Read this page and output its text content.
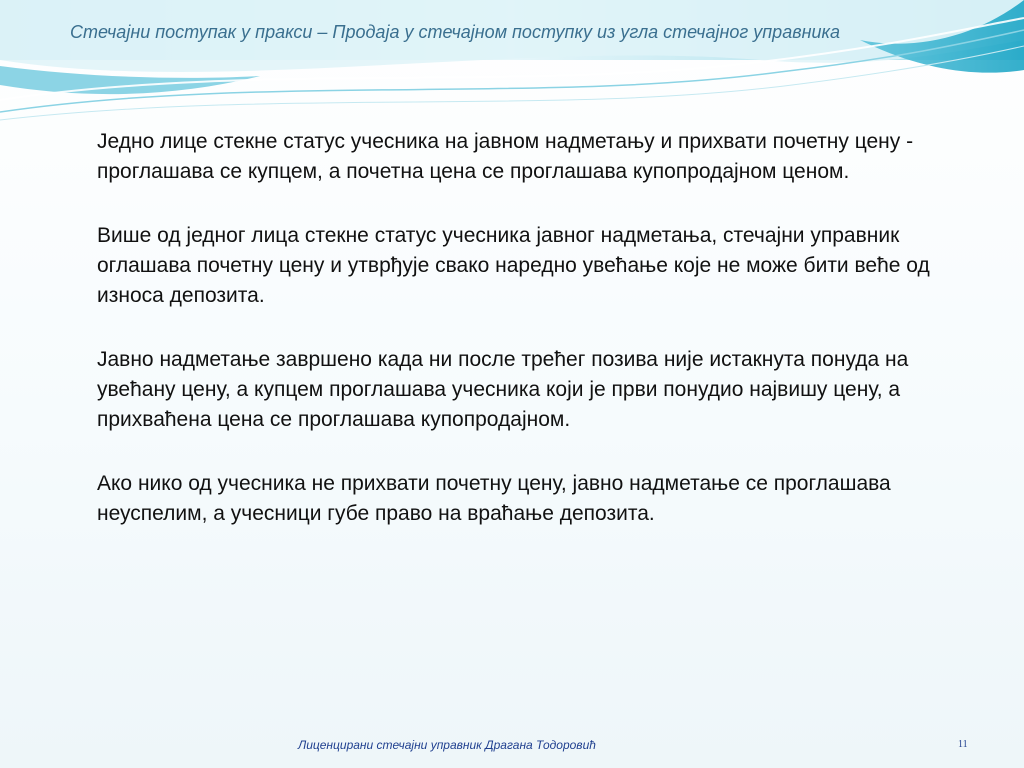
Стечајни поступак у пракси – Продаја у стечајном поступку из угла стечајног управника

Једно лице стекне статус учесника на јавном надметању и прихвати почетну цену - проглашава се купцем, а почетна цена се проглашава купопродајном ценом.

Више од једног лица стекне статус учесника јавног надметања, стечајни управник оглашава почетну цену и утврђује свако наредно увећање које не може бити веће од износа депозита.

Јавно надметање завршено када ни после трећег позива није истакнута понуда на увећану цену, а купцем проглашава учесника који је први понудио највишу цену, а прихваћена цена се проглашава купопродајном.

Ако нико од учесника не прихвати почетну цену, јавно надметање се проглашава неуспелим, а учесници губе право на враћање депозита.

Лиценцирани стечајни управник Драгана Тодоровић	11
